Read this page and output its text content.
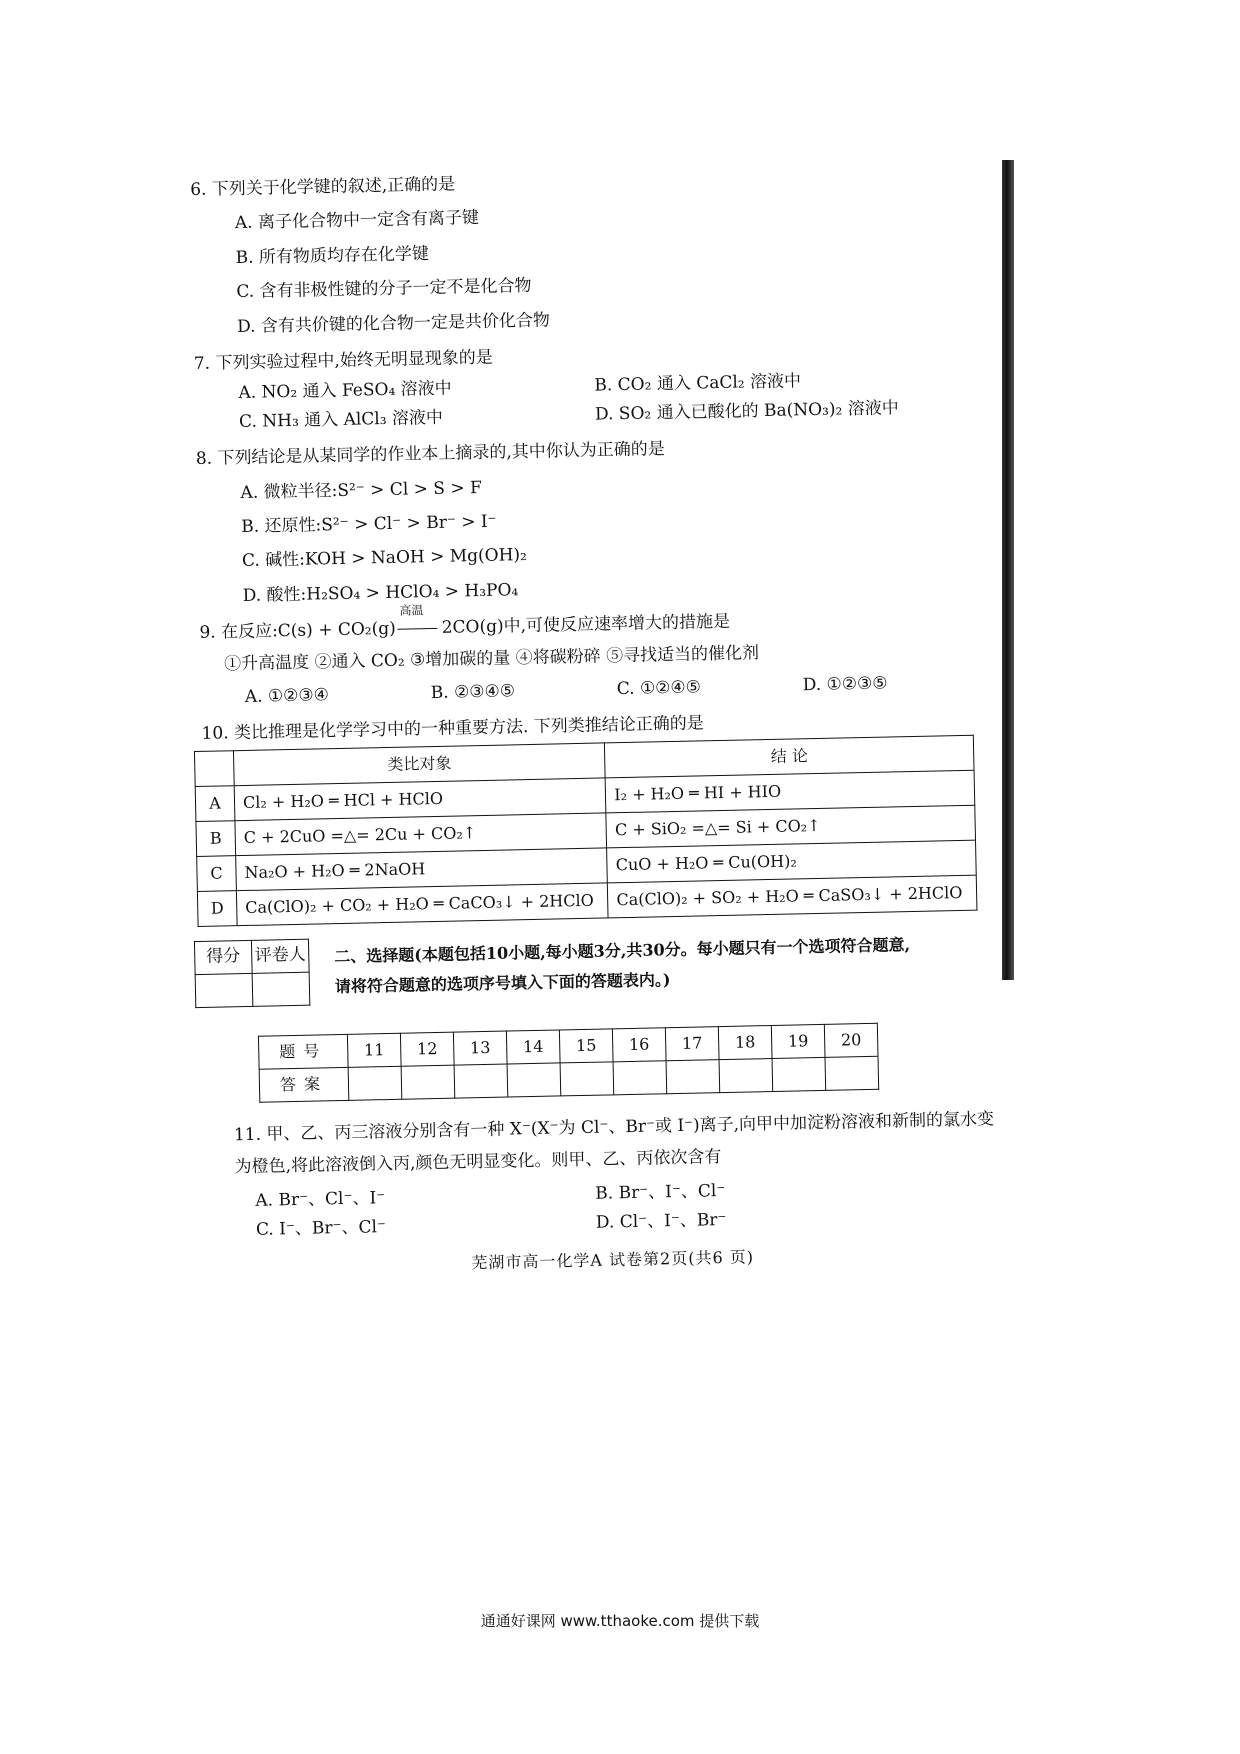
6. 下列关于化学键的叙述,正确的是

A. 离子化合物中一定含有离子键
B. 所有物质均存在化学键
C. 含有非极性键的分子一定不是化合物
D. 含有共价键的化合物一定是共价化合物

7. 下列实验过程中,始终无明显现象的是

A. NO₂ 通入 FeSO₄ 溶液中	B. CO₂ 通入 CaCl₂ 溶液中
C. NH₃ 通入 AlCl₃ 溶液中	D. SO₂ 通入已酸化的 Ba(NO₃)₂ 溶液中

8. 下列结论是从某同学的作业本上摘录的,其中你认为正确的是

A. 微粒半径:S²⁻ > Cl > S > F
B. 还原性:S²⁻ > Cl⁻ > Br⁻ > I⁻
C. 碱性:KOH > NaOH > Mg(OH)₂
D. 酸性:H₂SO₄ > HClO₄ > H₃PO₄

9. 在反应:C(s) + CO₂(g)
高温
2CO(g)中,可使反应速率增大的措施是

①升高温度 ②通入 CO₂ ③增加碳的量 ④将碳粉碎 ⑤寻找适当的催化剂
A. ①②③④	B. ②③④⑤	C. ①②④⑤	D. ①②③⑤

10. 类比推理是化学学习中的一种重要方法. 下列类推结论正确的是

	类比对象	结 论
A	Cl₂ + H₂O ═ HCl + HClO	I₂ + H₂O ═ HI + HIO
B	C + 2CuO =△= 2Cu + CO₂↑	C + SiO₂ =△= Si + CO₂↑
C	Na₂O + H₂O ═ 2NaOH	CuO + H₂O ═ Cu(OH)₂
D	Ca(ClO)₂ + CO₂ + H₂O ═ CaCO₃↓ + 2HClO	Ca(ClO)₂ + SO₂ + H₂O ═ CaSO₃↓ + 2HClO
得分	评卷人
	二、选择题(本题包括10小题,每小题3分,共30分。每小题只有一个选项符合题意,请将符合题意的选项序号填入下面的答题表内。)
题号	11	12	13	14	15	16	17	18	19	20
答案										

11. 甲、乙、丙三溶液分别含有一种 X⁻(X⁻为 Cl⁻、Br⁻或 I⁻)离子,向甲中加淀粉溶液和新制的氯水变为橙色,将此溶液倒入丙,颜色无明显变化。则甲、乙、丙依次含有

A. Br⁻、Cl⁻、I⁻	B. Br⁻、I⁻、Cl⁻
C. I⁻、Br⁻、Cl⁻	D. Cl⁻、I⁻、Br⁻
芜湖市高一化学A 试卷第2页(共6 页)
通通好课网 www.tthaoke.com 提供下载
